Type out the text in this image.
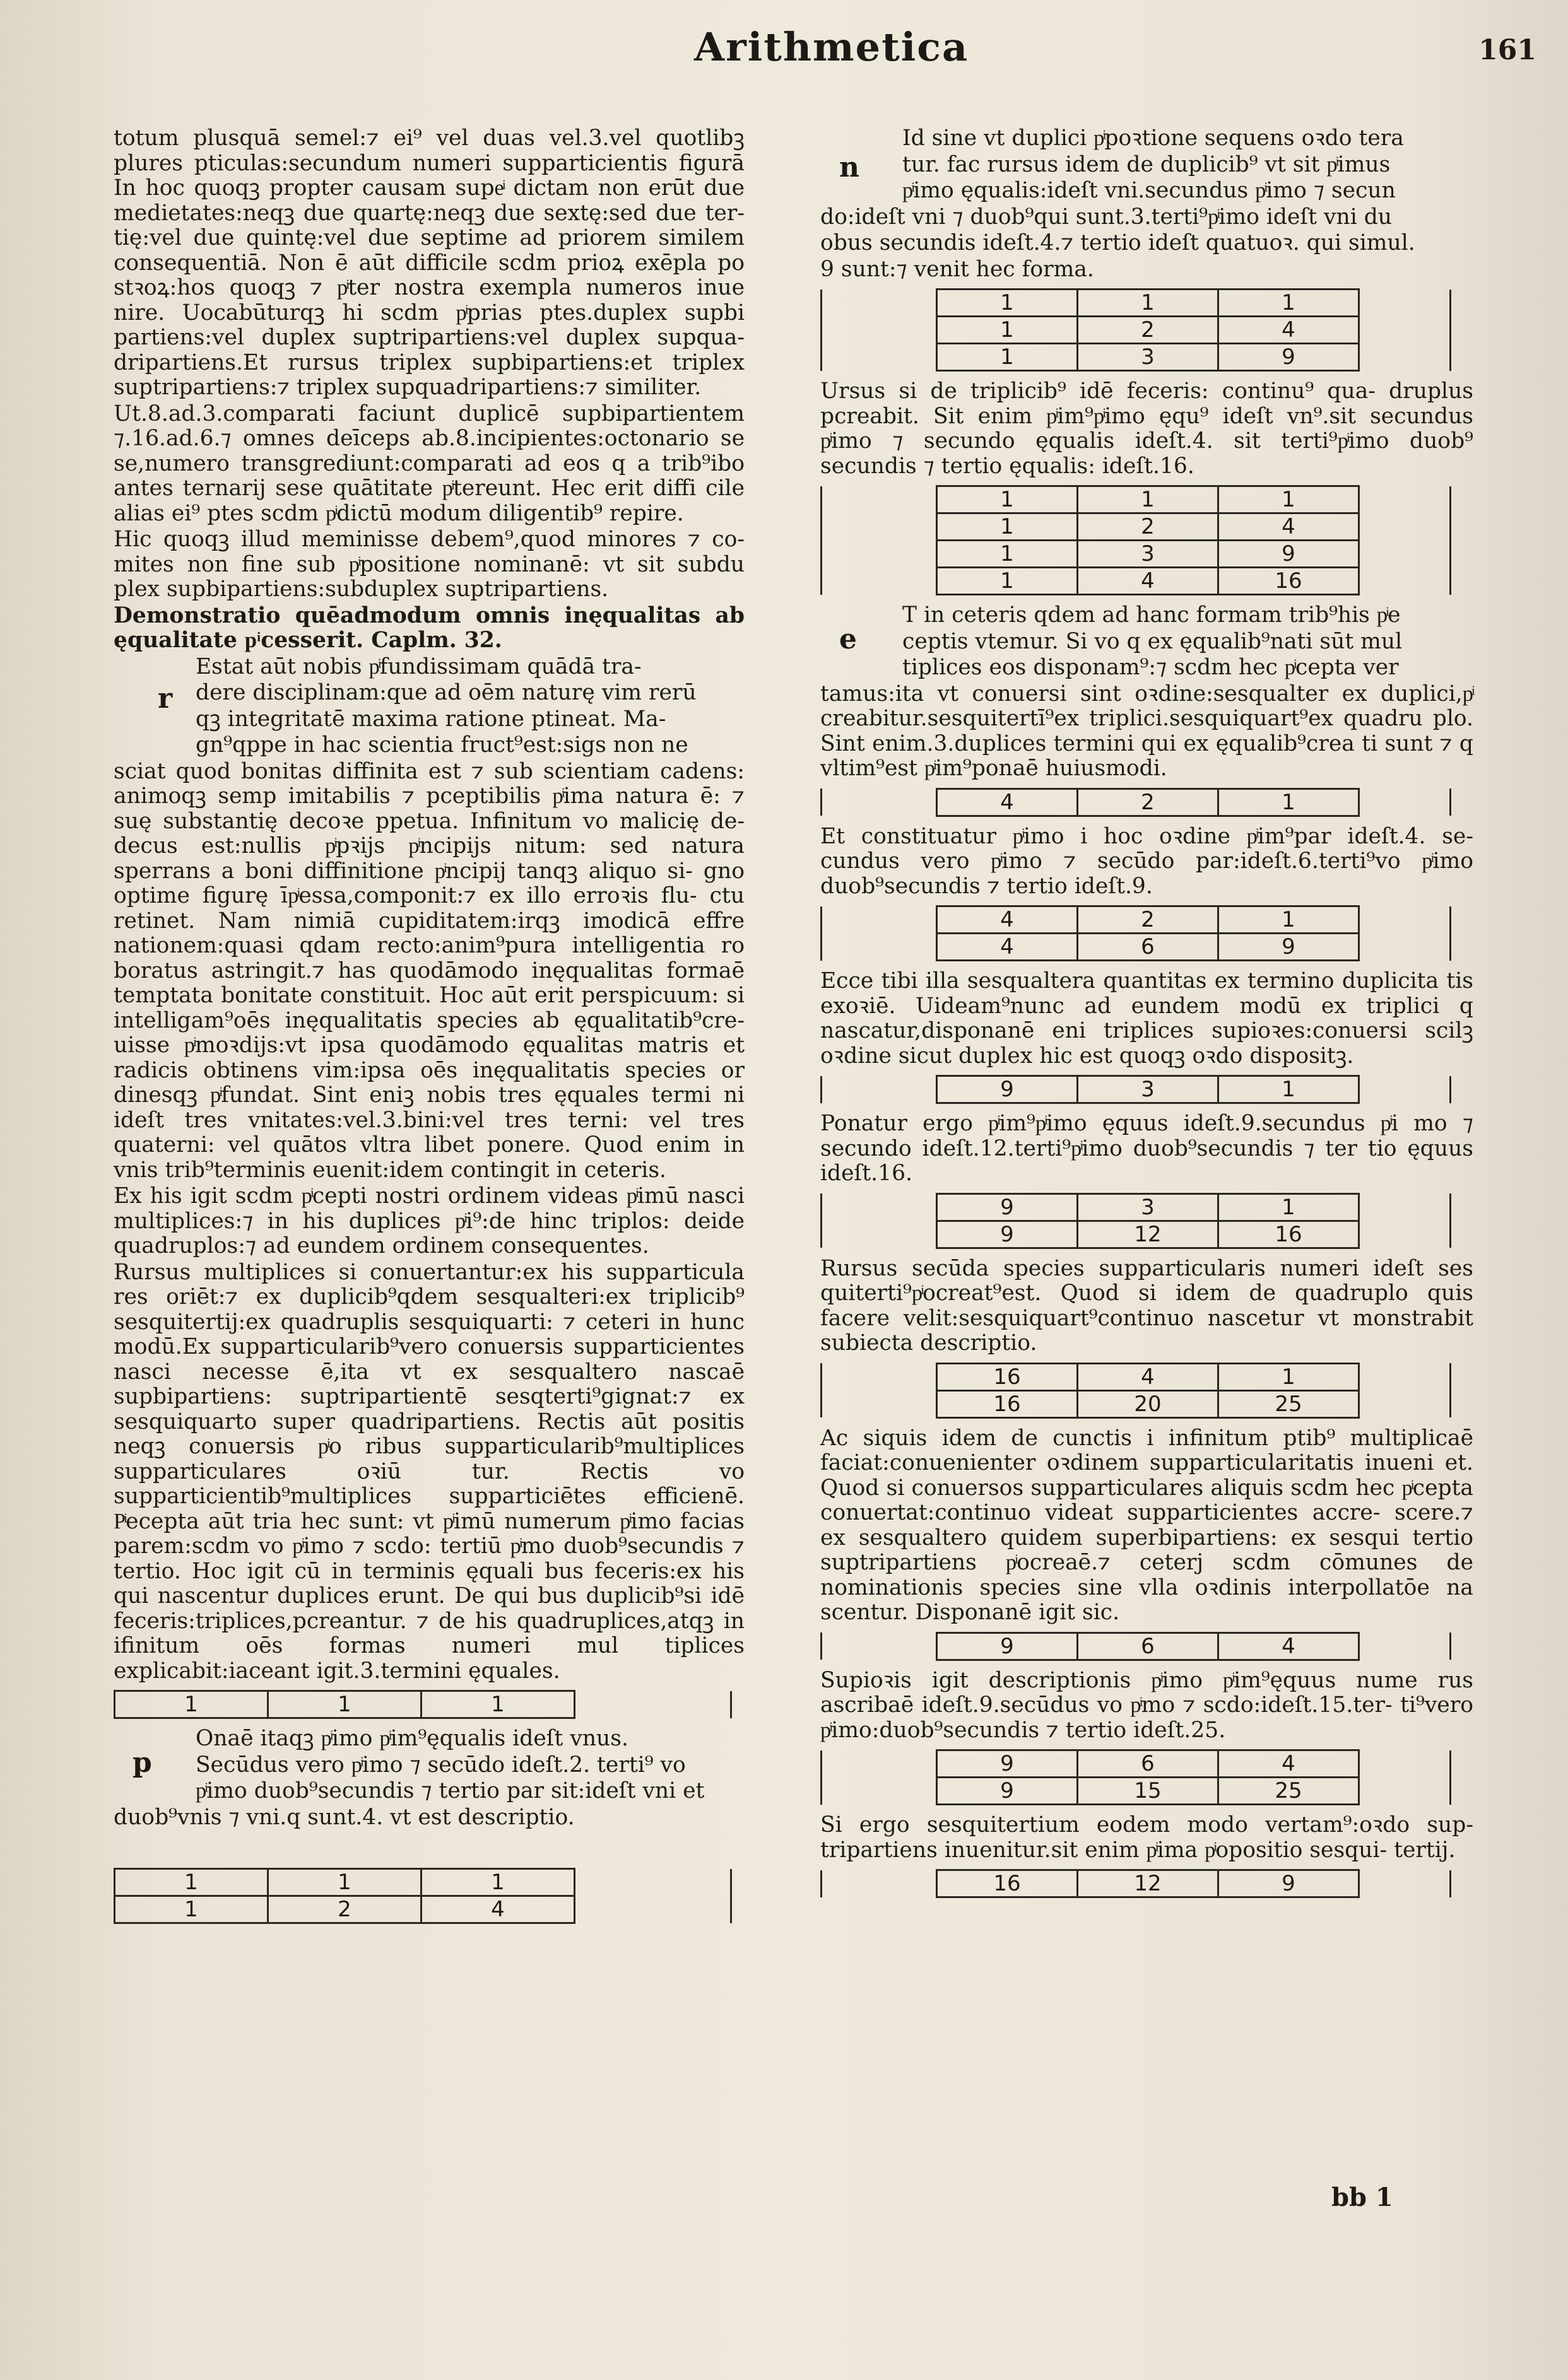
Arithmetica	161

totum plusquā semel:⁊ ei⁹ vel duas vel.3.vel quotlibꝫ plures pticulas:secundum numeri supparticientis figurā In hoc quoqꝫ propter causam supeͥ dictam non erūt due medietates:neqꝫ due quartę:neqꝫ due sextę:sed due ter- tię:vel due quintę:vel due septime ad priorem similem consequentiā. Non ē aūt difficile scdm prioꝝ exēpla po stꝛoꝝ:hos quoqꝫ ⁊ pͥter nostra exempla numeros inue nire. Uocabūturqꝫ hi scdm pͥprias ptes.duplex supbi partiens:vel duplex suptripartiens:vel duplex supqua- dripartiens.Et rursus triplex supbipartiens:et triplex suptripartiens:⁊ triplex supquadripartiens:⁊ similiter.

Ut.8.ad.3.comparati faciunt duplicē supbipartientem ⁊.16.ad.6.⁊ omnes deīceps ab.8.incipientes:octonario se se,numero transgrediunt:comparati ad eos q a trib⁹ibo antes ternarij sese quātitate pͥtereunt. Hec erit diffi cile alias ei⁹ ptes scdm pͥdictū modum diligentib⁹ repire.

Hic quoqꝫ illud meminisse debem⁹,quod minores ⁊ co- mites non fine sub pͥpositione nominanē: vt sit subdu plex supbipartiens:subduplex suptripartiens.

Demonstratio quēadmodum omnis inęqualitas ab ęqualitate pͥcesserit. Caplm. 32.

r

Estat aūt nobis pͥfundissimam quādā tra-

dere disciplinam:que ad oēm naturę vim rerū

qꝫ integritatē maxima ratione ptineat. Ma-

gn⁹qppe in hac scientia fruct⁹est:sigs non ne

sciat quod bonitas diffinita est ⁊ sub scientiam cadens: animoqꝫ semp imitabilis ⁊ pceptibilis pͥima natura ē: ⁊ suę substantię decoꝛe ppetua. Infinitum vo malicię de- decus est:nullis pͥpꝛijs pͥncipijs nitum: sed natura sperrans a boni diffinitione pͥncipij tanqꝫ aliquo si- gno optime figurę īpͥessa,componit:⁊ ex illo erroꝛis flu- ctu retinet. Nam nimiā cupiditatem:irqꝫ imodicā effre nationem:quasi qdam recto:anim⁹pura intelligentia ro boratus astringit.⁊ has quodāmodo inęqualitas formaē temptata bonitate constituit. Hoc aūt erit perspicuum: si intelligam⁹oēs inęqualitatis species ab ęqualitatib⁹cre- uisse pͥmoꝛdijs:vt ipsa quodāmodo ęqualitas matris et radicis obtinens vim:ipsa oēs inęqualitatis species or dinesqꝫ pͥfundat. Sint eniꝫ nobis tres ęquales termi ni ideſt tres vnitates:vel.3.bini:vel tres terni: vel tres quaterni: vel quātos vltra libet ponere. Quod enim in vnis trib⁹terminis euenit:idem contingit in ceteris.

Ex his igit scdm pͥcepti nostri ordinem videas pͥimū nasci multiplices:⁊ in his duplices pͥi⁹:de hinc triplos: deide quadruplos:⁊ ad eundem ordinem consequentes.

Rursus multiplices si conuertantur:ex his supparticula res oriēt:⁊ ex duplicib⁹qdem sesqualteri:ex triplicib⁹ sesquitertij:ex quadruplis sesquiquarti: ⁊ ceteri in hunc modū.Ex supparticularib⁹vero conuersis supparticientes nasci necesse ē,ita vt ex sesqualtero nascaē supbipartiens: suptripartientē sesqterti⁹gignat:⁊ ex sesquiquarto super quadripartiens. Rectis aūt positis neqꝫ conuersis pͥo ribus supparticularib⁹multiplices supparticulares oꝛiū tur. Rectis vo supparticientib⁹multiplices supparticiētes efficienē. Pͥecepta aūt tria hec sunt: vt pͥimū numerum pͥimo facias parem:scdm vo pͥimo ⁊ scdo: tertiū pͥmo duob⁹secundis ⁊ tertio. Hoc igit cū in terminis ęquali bus feceris:ex his qui nascentur duplices erunt. De qui bus duplicib⁹si idē feceris:triplices,pcreantur. ⁊ de his quadruplices,atqꝫ in ifinitum oēs formas numeri mul tiplices explicabit:iaceant igit.3.termini ęquales.

1	1	1	
p

Onaē itaqꝫ pͥimo pͥim⁹ęqualis ideſt vnus.

Secūdus vero pͥimo ⁊ secūdo ideſt.2. terti⁹ vo

pͥimo duob⁹secundis ⁊ tertio par sit:ideſt vni et

duob⁹vnis ⁊ vni.q sunt.4. vt est descriptio.

1	1	1	
1	2	4	
n

Id sine vt duplici pͥpoꝛtione sequens oꝛdo tera

tur. fac rursus idem de duplicib⁹ vt sit pͥimus

pͥimo ęqualis:ideſt vni.secundus pͥimo ⁊ secun

do:ideſt vni ⁊ duob⁹qui sunt.3.terti⁹pͥimo ideſt vni du

obus secundis ideſt.4.⁊ tertio ideſt quatuoꝛ. qui simul.

9 sunt:⁊ venit hec forma.

	1	1	1	
	1	2	4	
	1	3	9	

Ursus si de triplicib⁹ idē feceris: continu⁹ qua- druplus pcreabit. Sit enim pͥim⁹pͥimo ęqu⁹ ideſt vn⁹.sit secundus pͥimo ⁊ secundo ęqualis ideſt.4. sit terti⁹pͥimo duob⁹ secundis ⁊ tertio ęqualis: ideſt.16.

	1	1	1	
	1	2	4	
	1	3	9	
	1	4	16	
e

T in ceteris qdem ad hanc formam trib⁹his pͥe

ceptis vtemur. Si vo q ex ęqualib⁹nati sūt mul

tiplices eos disponam⁹:⁊ scdm hec pͥcepta ver

tamus:ita vt conuersi sint oꝛdine:sesqualter ex duplici,pͥ creabitur.sesquitertī⁹ex triplici.sesquiquart⁹ex quadru plo. Sint enim.3.duplices termini qui ex ęqualib⁹crea ti sunt ⁊ q vltim⁹est pͥim⁹ponaē huiusmodi.

	4	2	1	

Et constituatur pͥimo i hoc oꝛdine pͥim⁹par ideſt.4. se- cundus vero pͥimo ⁊ secūdo par:ideſt.6.terti⁹vo pͥimo duob⁹secundis ⁊ tertio ideſt.9.

	4	2	1	
	4	6	9	

Ecce tibi illa sesqualtera quantitas ex termino duplicita tis exoꝛiē. Uideam⁹nunc ad eundem modū ex triplici q nascatur,disponanē eni triplices supioꝛes:conuersi scilꝫ oꝛdine sicut duplex hic est quoqꝫ oꝛdo dispositꝫ.

	9	3	1	

Ponatur ergo pͥim⁹pͥimo ęquus ideſt.9.secundus pͥi mo ⁊ secundo ideſt.12.terti⁹pͥimo duob⁹secundis ⁊ ter tio ęquus ideſt.16.

	9	3	1	
	9	12	16	

Rursus secūda species supparticularis numeri ideſt ses quiterti⁹pͥocreat⁹est. Quod si idem de quadruplo quis facere velit:sesquiquart⁹continuo nascetur vt monstrabit subiecta descriptio.

	16	4	1	
	16	20	25	

Ac siquis idem de cunctis i infinitum ptib⁹ multiplicaē faciat:conuenienter oꝛdinem supparticularitatis inueni et. Quod si conuersos supparticulares aliquis scdm hec pͥcepta conuertat:continuo videat supparticientes accre- scere.⁊ ex sesqualtero quidem superbipartiens: ex sesqui tertio suptripartiens pͥocreaē.⁊ ceterj scdm cōmunes de nominationis species sine vlla oꝛdinis interpollatōe na scentur. Disponanē igit sic.

	9	6	4	

Supioꝛis igit descriptionis pͥimo pͥim⁹ęquus nume rus ascribaē ideſt.9.secūdus vo pͥmo ⁊ scdo:ideſt.15.ter- ti⁹vero pͥimo:duob⁹secundis ⁊ tertio ideſt.25.

	9	6	4	
	9	15	25	

Si ergo sesquitertium eodem modo vertam⁹:oꝛdo sup- tripartiens inuenitur.sit enim pͥima pͥopositio sesqui- tertij.

	16	12	9	
bb 1
